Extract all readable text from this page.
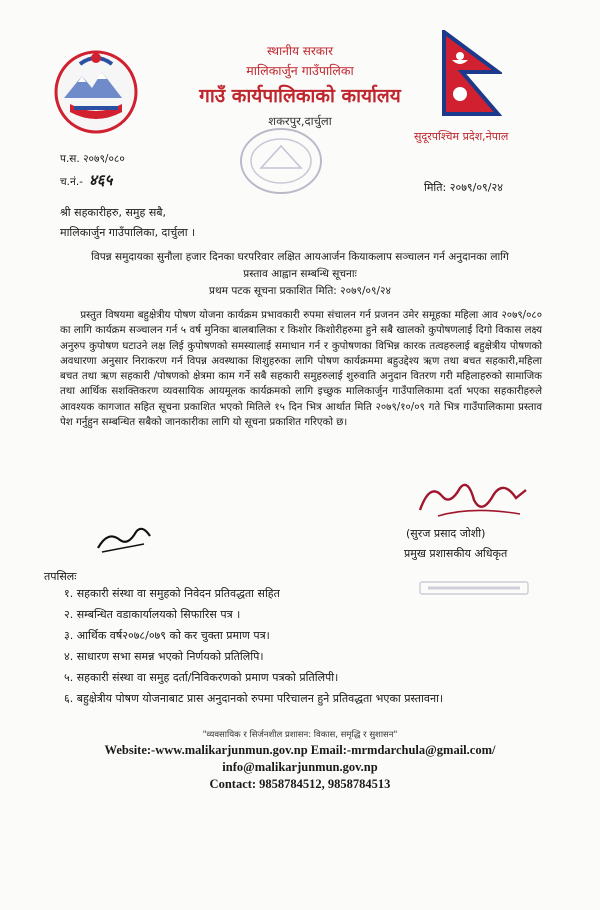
स्थानीय सरकार
मालिकार्जुन गाउँपालिका
गाउँ कार्यपालिकाको कार्यालय
शकरपुर,दार्चुला
सुदूरपश्चिम प्रदेश,नेपाल
प.स. २०७९/०८०
च.नं.- ४६५	मिति: २०७९/०९/२४
श्री सहकारीहरु, समुह सबै,
मालिकार्जुन गाउँपालिका, दार्चुला ।
विपन्न समुदायका सुनौला हजार दिनका घरपरिवार लक्षित आयआर्जन कियाकलाप सञ्चालन गर्न अनुदानका लागि
प्रस्ताव आह्वान सम्बन्धि सूचनाः
प्रथम पटक सूचना प्रकाशित मिति: २०७९/०९/२४
प्रस्तुत विषयमा बहुक्षेत्रीय पोषण योजना कार्यक्रम प्रभावकारी रुपमा संचालन गर्न प्रजनन उमेर समूहका महिला आव २०७९/०८० का लागि कार्यक्रम सञ्चालन गर्न ५ वर्ष मुनिका बालबालिका र किशोर किशोरीहरुमा हुने सबै खालको कुपोषणलाई दिगो विकास लक्ष्य अनुरुप कुपोषण घटाउने लक्ष लिई कुपोषणको समस्यालाई समाधान गर्न र कुपोषणका विभिन्न कारक तत्वहरुलाई बहुक्षेत्रीय पोषणको अवधारणा अनुसार निराकरण गर्न विपन्न अवस्थाका शिशुहरुका लागि पोषण कार्यक्रममा बहुउद्देश्य ऋण तथा बचत सहकारी,महिला बचत तथा ऋण सहकारी /पोषणको क्षेत्रमा काम गर्ने सबै सहकारी समुहरुलाई शुरुवाति अनुदान वितरण गरी महिलाहरुको सामाजिक तथा आर्थिक सशक्तिकरण व्यवसायिक आयमूलक कार्यक्रमको लागि इच्छुक मालिकार्जुन गाउँपालिकामा दर्ता भएका सहकारीहरुले आवश्यक कागजात सहित सूचना प्रकाशित भएको मितिले १५ दिन भित्र आर्थात मिति २०७९/१०/०९ गते भित्र गाउँपालिकामा प्रस्ताव पेश गर्नुहुन सम्बन्धित सबैको जानकारीका लागि यो सूचना प्रकाशित गरिएको छ।
(सुरज प्रसाद जोशी)
प्रमुख प्रशासकीय अधिकृत
तपसिलः
१. सहकारी संस्था वा समुहको निवेदन प्रतिवद्धता सहित
२. सम्बन्धित वडाकार्यालयको सिफारिस पत्र ।
३. आर्थिक वर्ष२०७८/०७९ को कर चुक्ता प्रमाण पत्र।
४. साधारण सभा समन्न भएको निर्णयको प्रतिलिपि।
५. सहकारी संस्था वा समुह दर्ता/निविकरणको प्रमाण पत्रको प्रतिलिपी।
६. बहुक्षेत्रीय पोषण योजनाबाट प्रास अनुदानको रुपमा परिचालन हुने प्रतिवद्धता भएका प्रस्तावना।
"व्यवसायिक र सिर्जनशील प्रशासन: विकास, समृद्धि र सुशासन"
Website:-www.malikarjunmun.gov.np Email:-mrmdarchula@gmail.com/
info@malikarjunmun.gov.np
Contact: 9858784512, 9858784513
